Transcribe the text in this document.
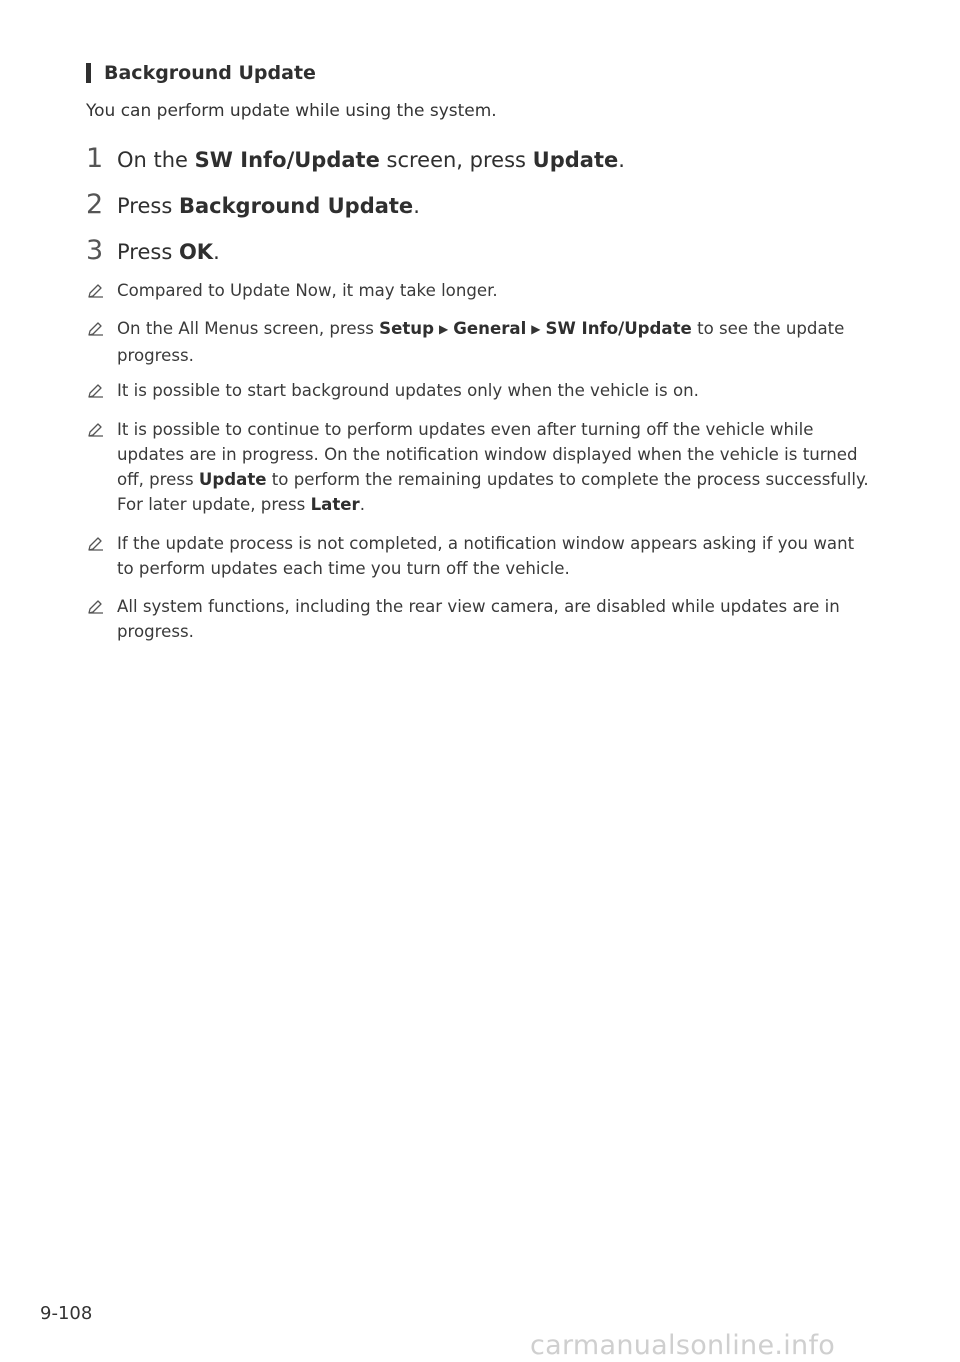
Background Update
You can perform update while using the system.
1 On the SW Info/Update screen, press Update.
2 Press Background Update.
3 Press OK.
Compared to Update Now, it may take longer.
On the All Menus screen, press Setup ▶ General ▶ SW Info/Update to see the update progress.
It is possible to start background updates only when the vehicle is on.
It is possible to continue to perform updates even after turning off the vehicle while updates are in progress. On the notification window displayed when the vehicle is turned off, press Update to perform the remaining updates to complete the process successfully. For later update, press Later.
If the update process is not completed, a notification window appears asking if you want to perform updates each time you turn off the vehicle.
All system functions, including the rear view camera, are disabled while updates are in progress.
9-108
carmanualsonline.info
